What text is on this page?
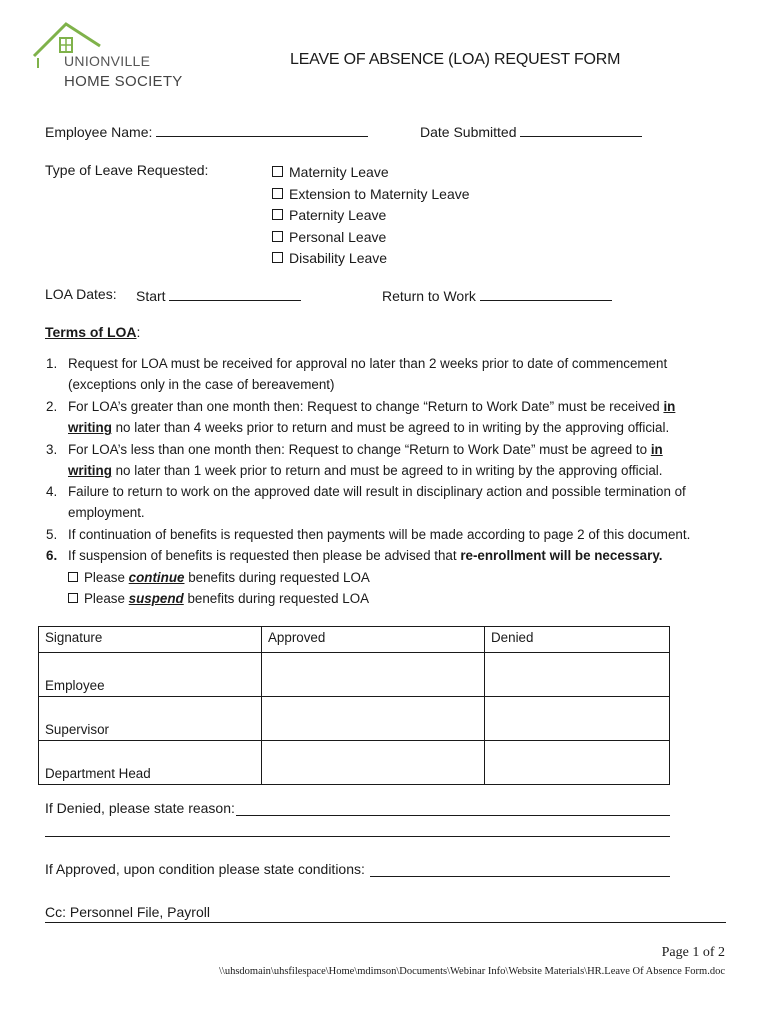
UNIONVILLE
HOME SOCIETY
LEAVE OF ABSENCE (LOA) REQUEST FORM
Employee Name:	Date Submitted
Type of Leave Requested:	Maternity Leave
Extension to Maternity Leave
Paternity Leave
Personal Leave
Disability Leave
LOA Dates: Start	Return to Work
Terms of LOA:
1. Request for LOA must be received for approval no later than 2 weeks prior to date of commencement
(exceptions only in the case of bereavement)
2. For LOA’s greater than one month then: Request to change “Return to Work Date” must be received in
writing no later than 4 weeks prior to return and must be agreed to in writing by the approving official.
3. For LOA’s less than one month then: Request to change “Return to Work Date” must be agreed to in
writing no later than 1 week prior to return and must be agreed to in writing by the approving official.
4. Failure to return to work on the approved date will result in disciplinary action and possible termination of
employment.
5. If continuation of benefits is requested then payments will be made according to page 2 of this document.
6. If suspension of benefits is requested then please be advised that re-enrollment will be necessary.
Please continue benefits during requested LOA
Please suspend benefits during requested LOA
Signature	Approved	Denied
Employee		
Supervisor		
Department Head		
If Denied, please state reason:
If Approved, upon condition please state conditions:
Cc: Personnel File, Payroll
Page 1 of 2
\\uhsdomain\uhsfilespace\Home\mdimson\Documents\Webinar Info\Website Materials\HR.Leave Of Absence Form.doc
